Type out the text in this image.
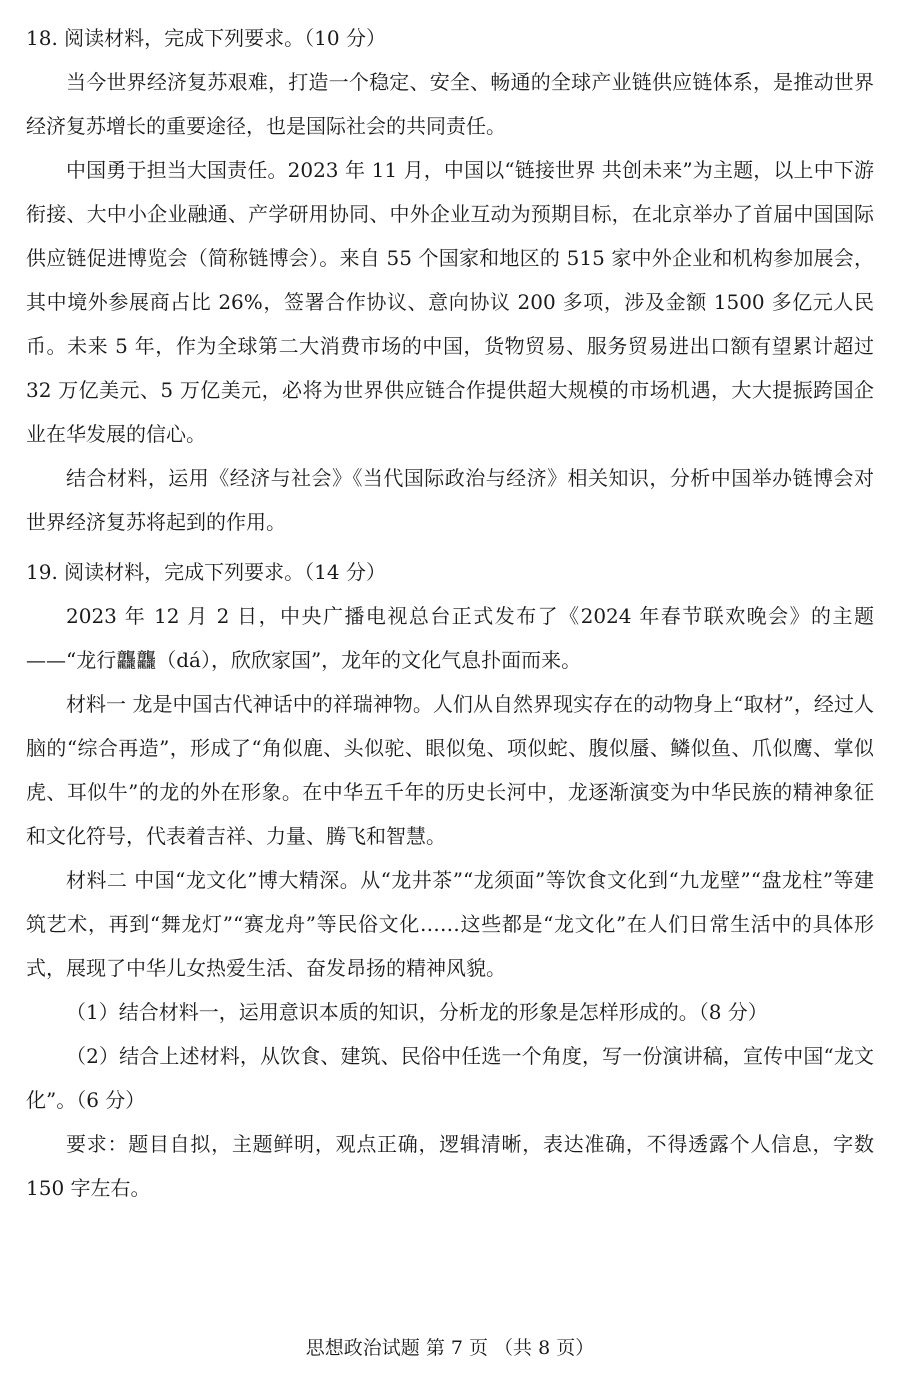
18. 阅读材料，完成下列要求。（10 分）

当今世界经济复苏艰难，打造一个稳定、安全、畅通的全球产业链供应链体系，是推动世界经济复苏增长的重要途径，也是国际社会的共同责任。

中国勇于担当大国责任。2023 年 11 月，中国以“链接世界 共创未来”为主题，以上中下游衔接、大中小企业融通、产学研用协同、中外企业互动为预期目标，在北京举办了首届中国国际供应链促进博览会（简称链博会）。来自 55 个国家和地区的 515 家中外企业和机构参加展会，其中境外参展商占比 26%，签署合作协议、意向协议 200 多项，涉及金额 1500 多亿元人民币。未来 5 年，作为全球第二大消费市场的中国，货物贸易、服务贸易进出口额有望累计超过 32 万亿美元、5 万亿美元，必将为世界供应链合作提供超大规模的市场机遇，大大提振跨国企业在华发展的信心。

结合材料，运用《经济与社会》《当代国际政治与经济》相关知识，分析中国举办链博会对世界经济复苏将起到的作用。

19. 阅读材料，完成下列要求。（14 分）

2023 年 12 月 2 日，中央广播电视总台正式发布了《2024 年春节联欢晚会》的主题——“龙行龘龘（dá），欣欣家国”，龙年的文化气息扑面而来。

材料一 龙是中国古代神话中的祥瑞神物。人们从自然界现实存在的动物身上“取材”，经过人脑的“综合再造”，形成了“角似鹿、头似驼、眼似兔、项似蛇、腹似蜃、鳞似鱼、爪似鹰、掌似虎、耳似牛”的龙的外在形象。在中华五千年的历史长河中，龙逐渐演变为中华民族的精神象征和文化符号，代表着吉祥、力量、腾飞和智慧。

材料二 中国“龙文化”博大精深。从“龙井茶”“龙须面”等饮食文化到“九龙壁”“盘龙柱”等建筑艺术，再到“舞龙灯”“赛龙舟”等民俗文化……这些都是“龙文化”在人们日常生活中的具体形式，展现了中华儿女热爱生活、奋发昂扬的精神风貌。

（1）结合材料一，运用意识本质的知识，分析龙的形象是怎样形成的。（8 分）

（2）结合上述材料，从饮食、建筑、民俗中任选一个角度，写一份演讲稿，宣传中国“龙文化”。（6 分）

要求：题目自拟，主题鲜明，观点正确，逻辑清晰，表达准确，不得透露个人信息，字数 150 字左右。

思想政治试题 第 7 页 （共 8 页）
